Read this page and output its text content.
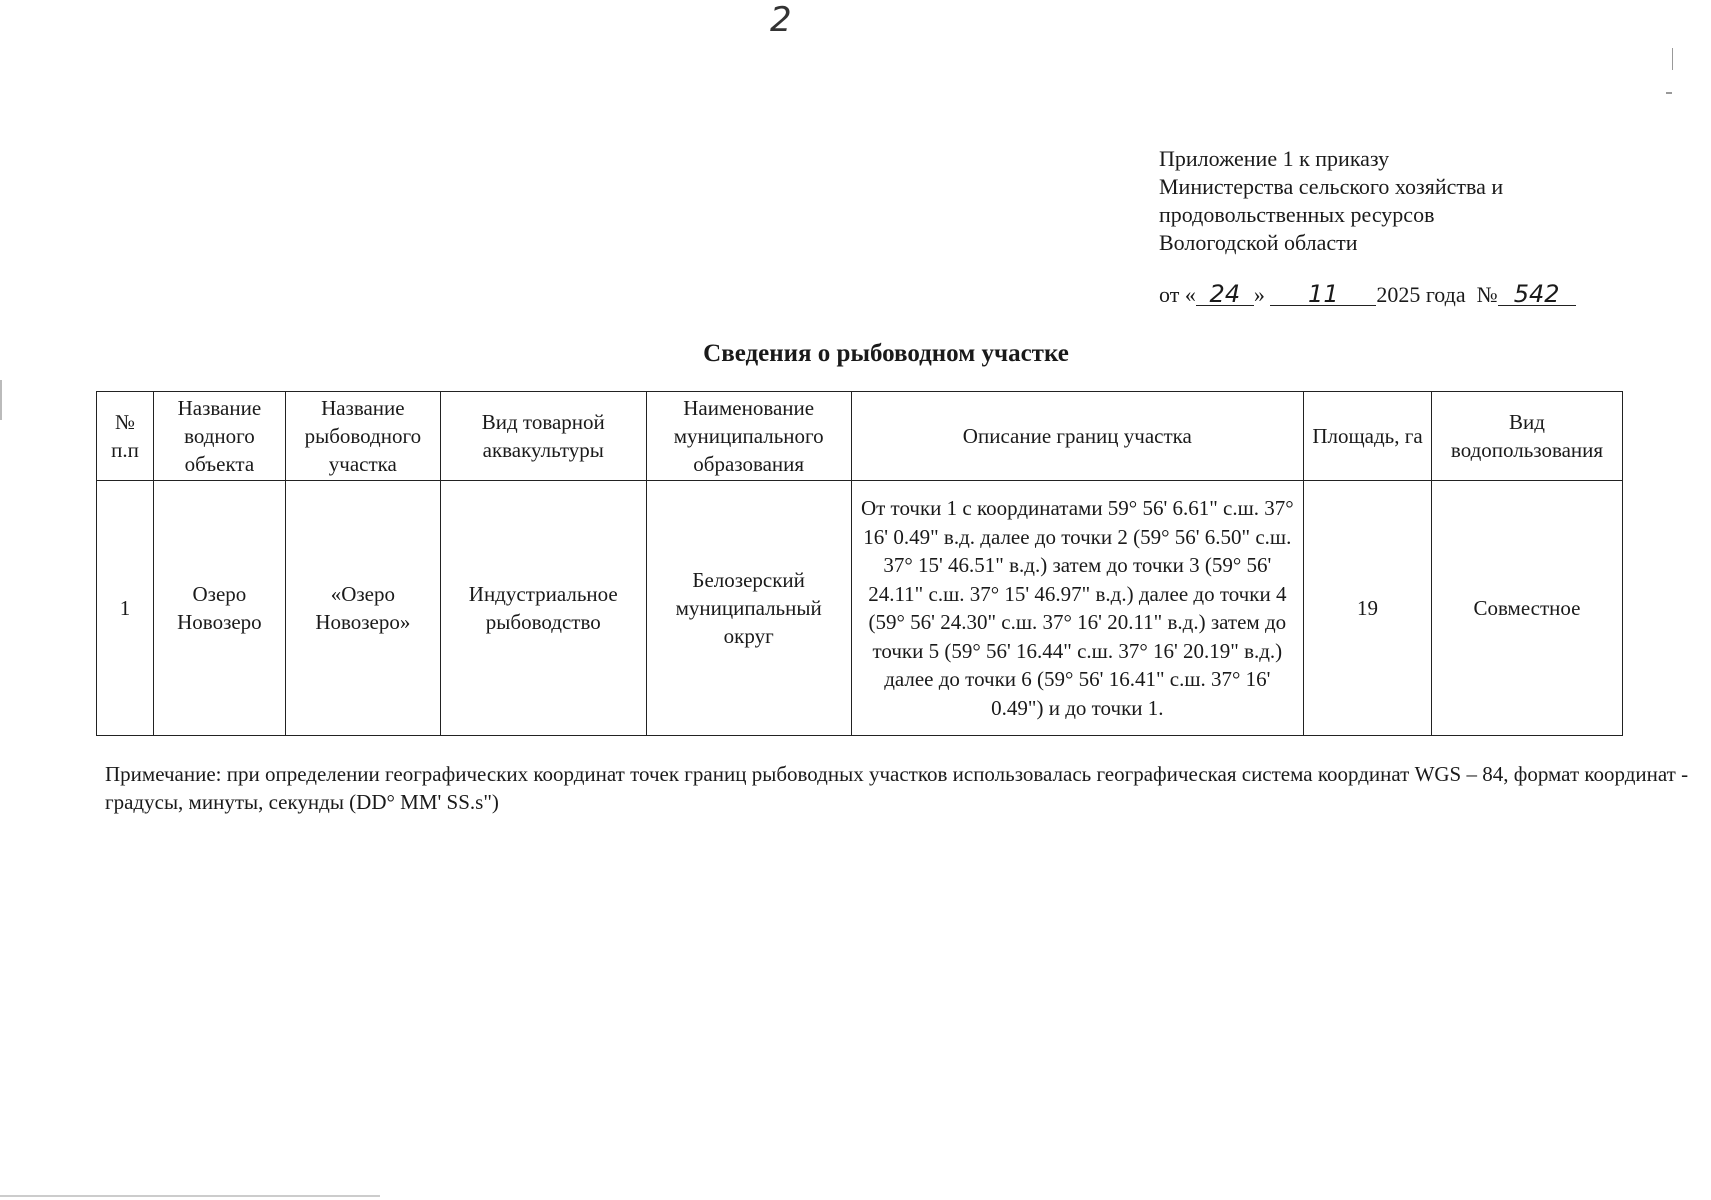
2
Приложение 1 к приказу
Министерства сельского хозяйства и
продовольственных ресурсов
Вологодской области
от « 24 » 11 2025 года № 542
Сведения о рыбоводном участке
№ п.п	Название водного объекта	Название рыбоводного участка	Вид товарной аквакультуры	Наименование муниципального образования	Описание границ участка	Площадь, га	Вид водопользования
1	Озеро Новозеро	«Озеро Новозеро»	Индустриальное рыбоводство	Белозерский муниципальный округ	От точки 1 с координатами 59° 56' 6.61" с.ш. 37° 16' 0.49" в.д. далее до точки 2 (59° 56' 6.50" с.ш. 37° 15' 46.51" в.д.) затем до точки 3 (59° 56' 24.11" с.ш. 37° 15' 46.97" в.д.) далее до точки 4 (59° 56' 24.30" с.ш. 37° 16' 20.11" в.д.) затем до точки 5 (59° 56' 16.44" с.ш. 37° 16' 20.19" в.д.) далее до точки 6 (59° 56' 16.41" с.ш. 37° 16' 0.49") и до точки 1.	19	Совместное
Примечание: при определении географических координат точек границ рыбоводных участков использовалась географическая система координат WGS – 84, формат координат - градусы, минуты, секунды (DD° MM' SS.s")
